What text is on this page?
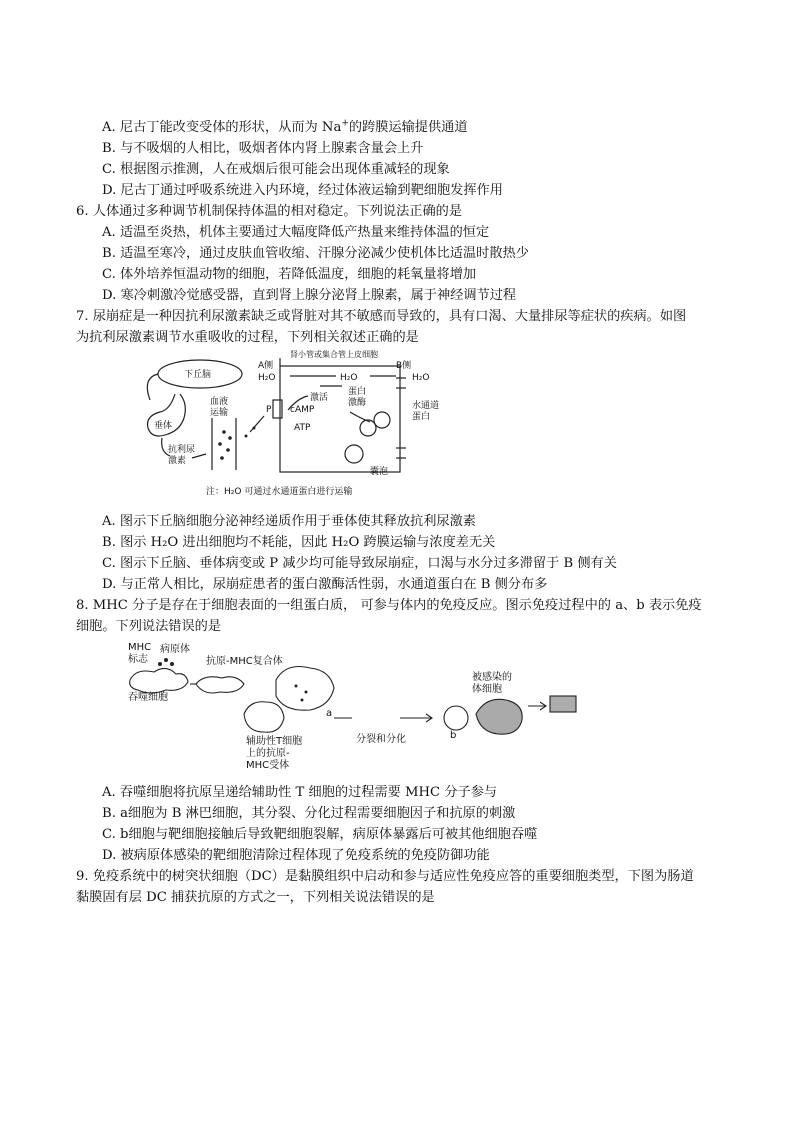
A. 尼古丁能改变受体的形状，从而为 Na+的跨膜运输提供通道
B. 与不吸烟的人相比，吸烟者体内肾上腺素含量会上升
C. 根据图示推测，人在戒烟后很可能会出现体重减轻的现象
D. 尼古丁通过呼吸系统进入内环境，经过体液运输到靶细胞发挥作用
6. 人体通过多种调节机制保持体温的相对稳定。下列说法正确的是
A. 适温至炎热，机体主要通过大幅度降低产热量来维持体温的恒定
B. 适温至寒冷，通过皮肤血管收缩、汗腺分泌减少使机体比适温时散热少
C. 体外培养恒温动物的细胞，若降低温度，细胞的耗氧量将增加
D. 寒冷刺激冷觉感受器，直到肾上腺分泌肾上腺素，属于神经调节过程
7. 尿崩症是一种因抗利尿激素缺乏或肾脏对其不敏感而导致的，具有口渴、大量排尿等症状的疾病。如图
为抗利尿激素调节水重吸收的过程，下列相关叙述正确的是
下丘脑
垂体
抗利尿
激素
血液
运输
肾小管或集合管上皮细胞
A侧
H₂O
B侧
H₂O
H₂O
激活
cAMP
蛋白
激酶
P
ATP
水通道
蛋白
囊泡
注：H₂O 可通过水通道蛋白进行运输
A. 图示下丘脑细胞分泌神经递质作用于垂体使其释放抗利尿激素
B. 图示 H₂O 进出细胞均不耗能，因此 H₂O 跨膜运输与浓度差无关
C. 图示下丘脑、垂体病变或 P 减少均可能导致尿崩症，口渴与水分过多滞留于 B 侧有关
D. 与正常人相比，尿崩症患者的蛋白激酶活性弱，水通道蛋白在 B 侧分布多
8. MHC 分子是存在于细胞表面的一组蛋白质， 可参与体内的免疫反应。图示免疫过程中的 a、b 表示免疫
细胞。下列说法错误的是
MHC
标志
病原体
抗原-MHC复合体
吞噬细胞
辅助性T细胞
上的抗原-
MHC受体
a
分裂和分化	b
被感染的
体细胞
A. 吞噬细胞将抗原呈递给辅助性 T 细胞的过程需要 MHC 分子参与
B. a细胞为 B 淋巴细胞，其分裂、分化过程需要细胞因子和抗原的刺激
C. b细胞与靶细胞接触后导致靶细胞裂解，病原体暴露后可被其他细胞吞噬
D. 被病原体感染的靶细胞清除过程体现了免疫系统的免疫防御功能
9. 免疫系统中的树突状细胞（DC）是黏膜组织中启动和参与适应性免疫应答的重要细胞类型，下图为肠道
黏膜固有层 DC 捕获抗原的方式之一，下列相关说法错误的是
